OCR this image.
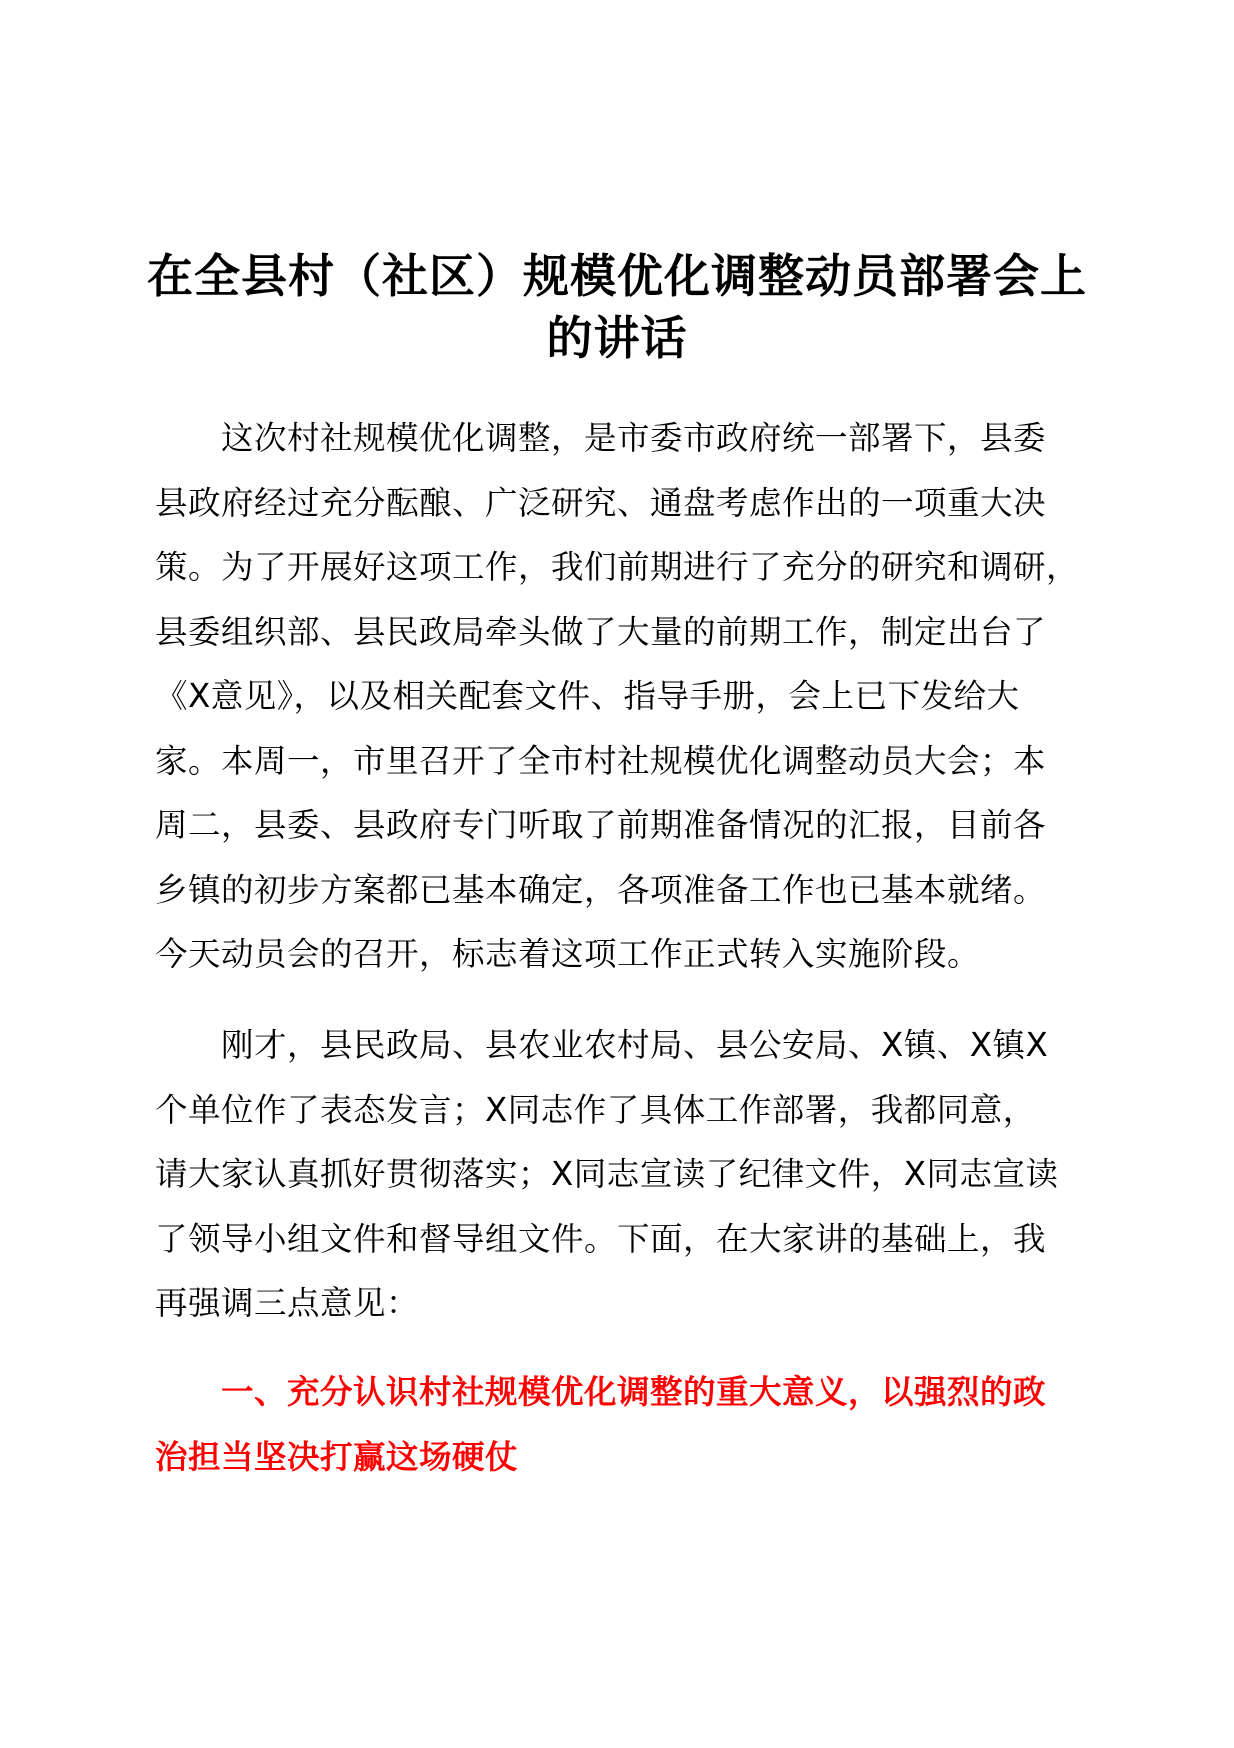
在全县村（社区）规模优化调整动员部署会上
的讲话

　　这次村社规模优化调整，是市委市政府统一部署下，县委
县政府经过充分酝酿、广泛研究、通盘考虑作出的一项重大决
策。为了开展好这项工作，我们前期进行了充分的研究和调研，
县委组织部、县民政局牵头做了大量的前期工作，制定出台了
《X意见》，以及相关配套文件、指导手册，会上已下发给大
家。本周一，市里召开了全市村社规模优化调整动员大会；本
周二，县委、县政府专门听取了前期准备情况的汇报，目前各
乡镇的初步方案都已基本确定，各项准备工作也已基本就绪。
今天动员会的召开，标志着这项工作正式转入实施阶段。

　　刚才，县民政局、县农业农村局、县公安局、X镇、X镇X
个单位作了表态发言；X同志作了具体工作部署，我都同意，
请大家认真抓好贯彻落实；X同志宣读了纪律文件，X同志宣读
了领导小组文件和督导组文件。下面，在大家讲的基础上，我
再强调三点意见：

　　一、充分认识村社规模优化调整的重大意义，以强烈的政
治担当坚决打赢这场硬仗
